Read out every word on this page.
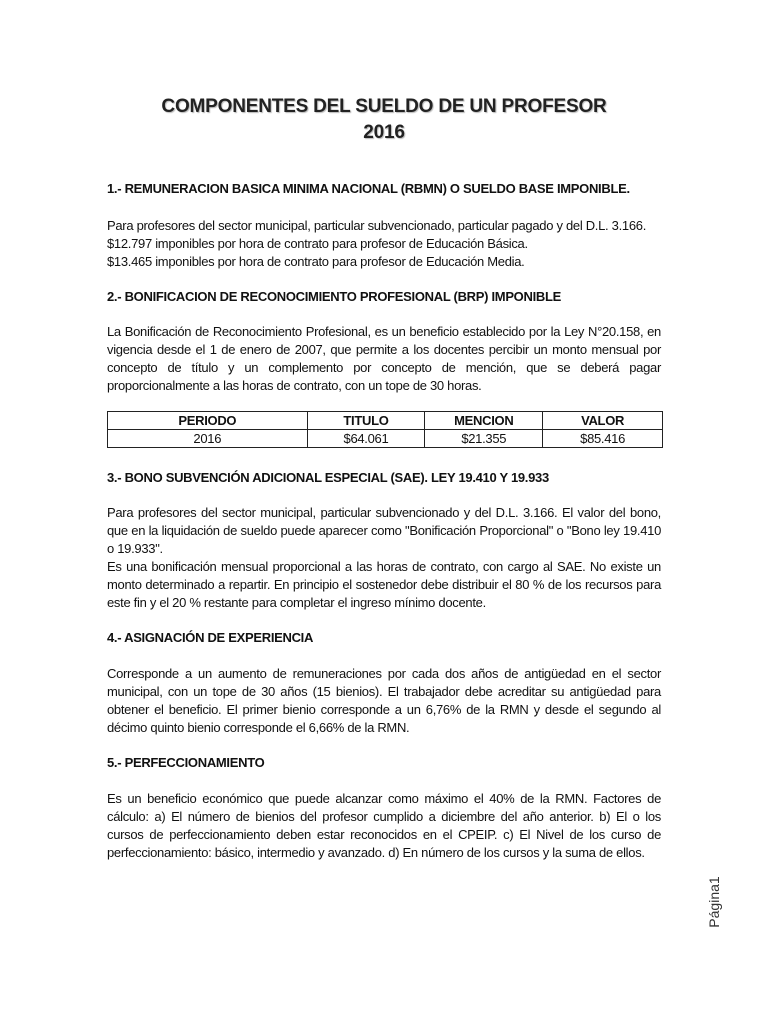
COMPONENTES DEL SUELDO DE UN PROFESOR
2016
1.- REMUNERACION BASICA MINIMA NACIONAL (RBMN) O SUELDO BASE IMPONIBLE.
Para profesores del sector municipal, particular subvencionado, particular pagado y del D.L. 3.166.
$12.797 imponibles por hora de contrato para profesor de Educación Básica.
$13.465 imponibles por hora de contrato para profesor de Educación Media.
2.- BONIFICACION DE RECONOCIMIENTO PROFESIONAL (BRP) IMPONIBLE
La Bonificación de Reconocimiento Profesional, es un beneficio establecido por la Ley N°20.158, en
vigencia desde el 1 de enero de 2007, que permite a los docentes percibir un monto mensual por
concepto de título y un complemento por concepto de mención, que se deberá pagar
proporcionalmente a las horas de contrato, con un tope de 30 horas.
PERIODO	TITULO	MENCION	VALOR
2016	$64.061	$21.355	$85.416
3.- BONO SUBVENCIÓN ADICIONAL ESPECIAL (SAE). LEY 19.410 Y 19.933
Para profesores del sector municipal, particular subvencionado y del D.L. 3.166. El valor del bono,
que en la liquidación de sueldo puede aparecer como "Bonificación Proporcional" o "Bono ley 19.410
o 19.933".
Es una bonificación mensual proporcional a las horas de contrato, con cargo al SAE. No existe un
monto determinado a repartir. En principio el sostenedor debe distribuir el 80 % de los recursos para
este fin y el 20 % restante para completar el ingreso mínimo docente.
4.- ASIGNACIÓN DE EXPERIENCIA
Corresponde a un aumento de remuneraciones por cada dos años de antigüedad en el sector
municipal, con un tope de 30 años (15 bienios). El trabajador debe acreditar su antigüedad para
obtener el beneficio. El primer bienio corresponde a un 6,76% de la RMN y desde el segundo al
décimo quinto bienio corresponde el 6,66% de la RMN.
5.- PERFECCIONAMIENTO
Es un beneficio económico que puede alcanzar como máximo el 40% de la RMN. Factores de
cálculo: a) El número de bienios del profesor cumplido a diciembre del año anterior. b) El o los
cursos de perfeccionamiento deben estar reconocidos en el CPEIP. c) El Nivel de los curso de
perfeccionamiento: básico, intermedio y avanzado. d) En número de los cursos y la suma de ellos.
Página1
